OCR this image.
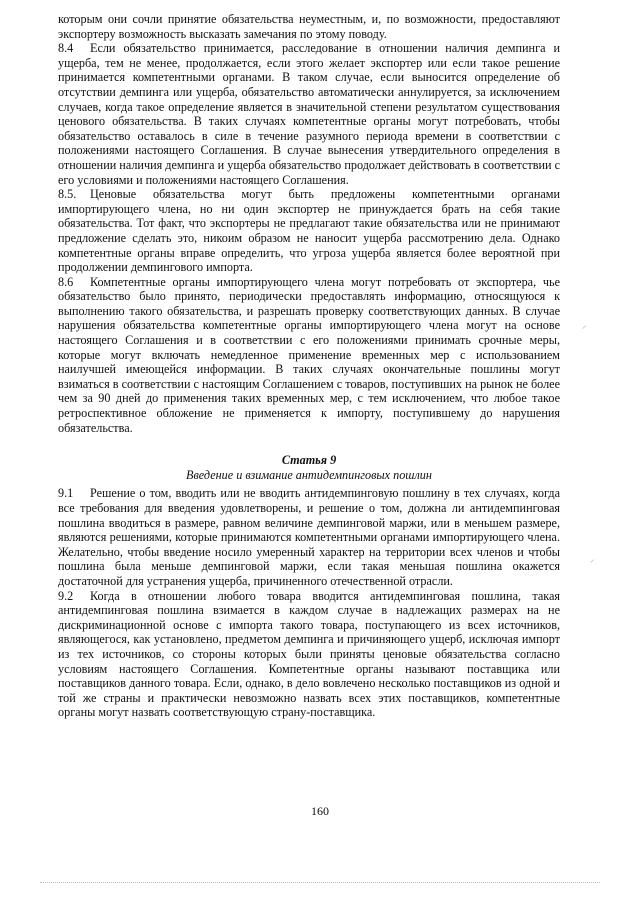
которым они сочли принятие обязательства неуместным, и, по возможности, предоставляют экспортеру возможность высказать замечания по этому поводу.

8.4 Если обязательство принимается, расследование в отношении наличия демпинга и ущерба, тем не менее, продолжается, если этого желает экспортер или если такое решение принимается компетентными органами. В таком случае, если выносится определение об отсутствии демпинга или ущерба, обязательство автоматически аннулируется, за исключением случаев, когда такое определение является в значительной степени результатом существования ценового обязательства. В таких случаях компетентные органы могут потребовать, чтобы обязательство оставалось в силе в течение разумного периода времени в соответствии с положениями настоящего Соглашения. В случае вынесения утвердительного определения в отношении наличия демпинга и ущерба обязательство продолжает действовать в соответствии с его условиями и положениями настоящего Соглашения.

8.5. Ценовые обязательства могут быть предложены компетентными органами импортирующего члена, но ни один экспортер не принуждается брать на себя такие обязательства. Тот факт, что экспортеры не предлагают такие обязательства или не принимают предложение сделать это, никоим образом не наносит ущерба рассмотрению дела. Однако компетентные органы вправе определить, что угроза ущерба является более вероятной при продолжении демпингового импорта.

8.6 Компетентные органы импортирующего члена могут потребовать от экспортера, чье обязательство было принято, периодически предоставлять информацию, относящуюся к выполнению такого обязательства, и разрешать проверку соответствующих данных. В случае нарушения обязательства компетентные органы импортирующего члена могут на основе настоящего Соглашения и в соответствии с его положениями принимать срочные меры, которые могут включать немедленное применение временных мер с использованием наилучшей имеющейся информации. В таких случаях окончательные пошлины могут взиматься в соответствии с настоящим Соглашением с товаров, поступивших на рынок не более чем за 90 дней до применения таких временных мер, с тем исключением, что любое такое ретроспективное обложение не применяется к импорту, поступившему до нарушения обязательства.

Статья 9

Введение и взимание антидемпинговых пошлин

9.1 Решение о том, вводить или не вводить антидемпинговую пошлину в тех случаях, когда все требования для введения удовлетворены, и решение о том, должна ли антидемпинговая пошлина вводиться в размере, равном величине демпинговой маржи, или в меньшем размере, являются решениями, которые принимаются компетентными органами импортирующего члена. Желательно, чтобы введение носило умеренный характер на территории всех членов и чтобы пошлина была меньше демпинговой маржи, если такая меньшая пошлина окажется достаточной для устранения ущерба, причиненного отечественной отрасли.

9.2 Когда в отношении любого товара вводится антидемпинговая пошлина, такая антидемпинговая пошлина взимается в каждом случае в надлежащих размерах на не дискриминационной основе с импорта такого товара, поступающего из всех источников, являющегося, как установлено, предметом демпинга и причиняющего ущерб, исключая импорт из тех источников, со стороны которых были приняты ценовые обязательства согласно условиям настоящего Соглашения. Компетентные органы называют поставщика или поставщиков данного товара. Если, однако, в дело вовлечено несколько поставщиков из одной и той же страны и практически невозможно назвать всех этих поставщиков, компетентные органы могут назвать соответствующую страну-поставщика.

160
⸝
⸝
